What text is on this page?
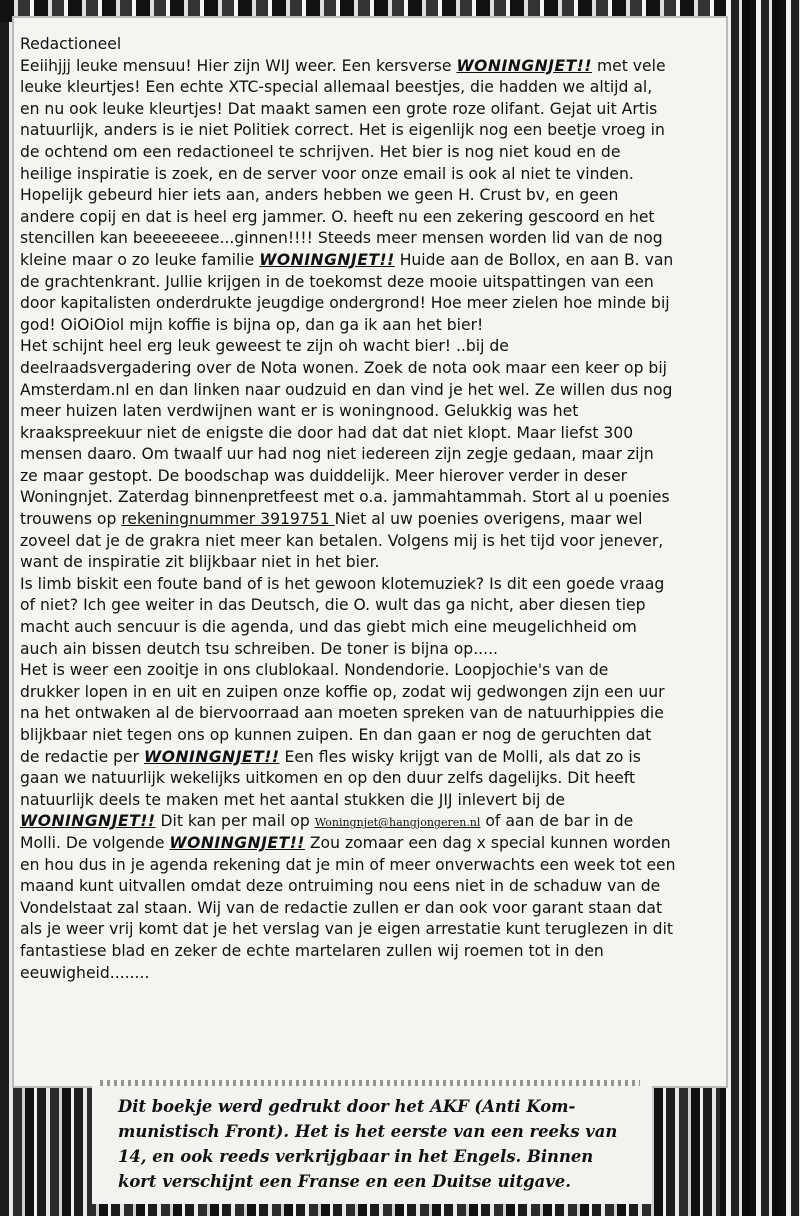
Redactioneel
Eeiihjjj leuke mensuu! Hier zijn WIJ weer. Een kersverse WONINGNJET!! met vele
leuke kleurtjes! Een echte XTC-special allemaal beestjes, die hadden we altijd al,
en nu ook leuke kleurtjes! Dat maakt samen een grote roze olifant. Gejat uit Artis
natuurlijk, anders is ie niet Politiek correct. Het is eigenlijk nog een beetje vroeg in
de ochtend om een redactioneel te schrijven. Het bier is nog niet koud en de
heilige inspiratie is zoek, en de server voor onze email is ook al niet te vinden.
Hopelijk gebeurd hier iets aan, anders hebben we geen H. Crust bv, en geen
andere copij en dat is heel erg jammer. O. heeft nu een zekering gescoord en het
stencillen kan beeeeeeee...ginnen!!!! Steeds meer mensen worden lid van de nog
kleine maar o zo leuke familie WONINGNJET!! Huide aan de Bollox, en aan B. van
de grachtenkrant. Jullie krijgen in de toekomst deze mooie uitspattingen van een
door kapitalisten onderdrukte jeugdige ondergrond! Hoe meer zielen hoe minde bij
god! OiOiOiol mijn koffie is bijna op, dan ga ik aan het bier!
Het schijnt heel erg leuk geweest te zijn oh wacht bier! ..bij de
deelraadsvergadering over de Nota wonen. Zoek de nota ook maar een keer op bij
Amsterdam.nl en dan linken naar oudzuid en dan vind je het wel. Ze willen dus nog
meer huizen laten verdwijnen want er is woningnood. Gelukkig was het
kraakspreekuur niet de enigste die door had dat dat niet klopt. Maar liefst 300
mensen daaro. Om twaalf uur had nog niet iedereen zijn zegje gedaan, maar zijn
ze maar gestopt. De boodschap was duiddelijk. Meer hierover verder in deser
Woningnjet. Zaterdag binnenpretfeest met o.a. jammahtammah. Stort al u poenies
trouwens op rekeningnummer 3919751 Niet al uw poenies overigens, maar wel
zoveel dat je de grakra niet meer kan betalen. Volgens mij is het tijd voor jenever,
want de inspiratie zit blijkbaar niet in het bier.
Is limb biskit een foute band of is het gewoon klotemuziek? Is dit een goede vraag
of niet? Ich gee weiter in das Deutsch, die O. wult das ga nicht, aber diesen tiep
macht auch sencuur is die agenda, und das giebt mich eine meugelichheid om
auch ain bissen deutch tsu schreiben. De toner is bijna op.....
Het is weer een zooitje in ons clublokaal. Nondendorie. Loopjochie's van de
drukker lopen in en uit en zuipen onze koffie op, zodat wij gedwongen zijn een uur
na het ontwaken al de biervoorraad aan moeten spreken van de natuurhippies die
blijkbaar niet tegen ons op kunnen zuipen. En dan gaan er nog de geruchten dat
de redactie per WONINGNJET!! Een fles wisky krijgt van de Molli, als dat zo is
gaan we natuurlijk wekelijks uitkomen en op den duur zelfs dagelijks. Dit heeft
natuurlijk deels te maken met het aantal stukken die JIJ inlevert bij de
WONINGNJET!! Dit kan per mail op Woningnjet@hangjongeren.nl of aan de bar in de
Molli. De volgende WONINGNJET!! Zou zomaar een dag x special kunnen worden
en hou dus in je agenda rekening dat je min of meer onverwachts een week tot een
maand kunt uitvallen omdat deze ontruiming nou eens niet in de schaduw van de
Vondelstaat zal staan. Wij van de redactie zullen er dan ook voor garant staan dat
als je weer vrij komt dat je het verslag van je eigen arrestatie kunt teruglezen in dit
fantastiese blad en zeker de echte martelaren zullen wij roemen tot in den
eeuwigheid........
Dit boekje werd gedrukt door het AKF (Anti Kom-
munistisch Front). Het is het eerste van een reeks van
14, en ook reeds verkrijgbaar in het Engels. Binnen
kort verschijnt een Franse en een Duitse uitgave.
